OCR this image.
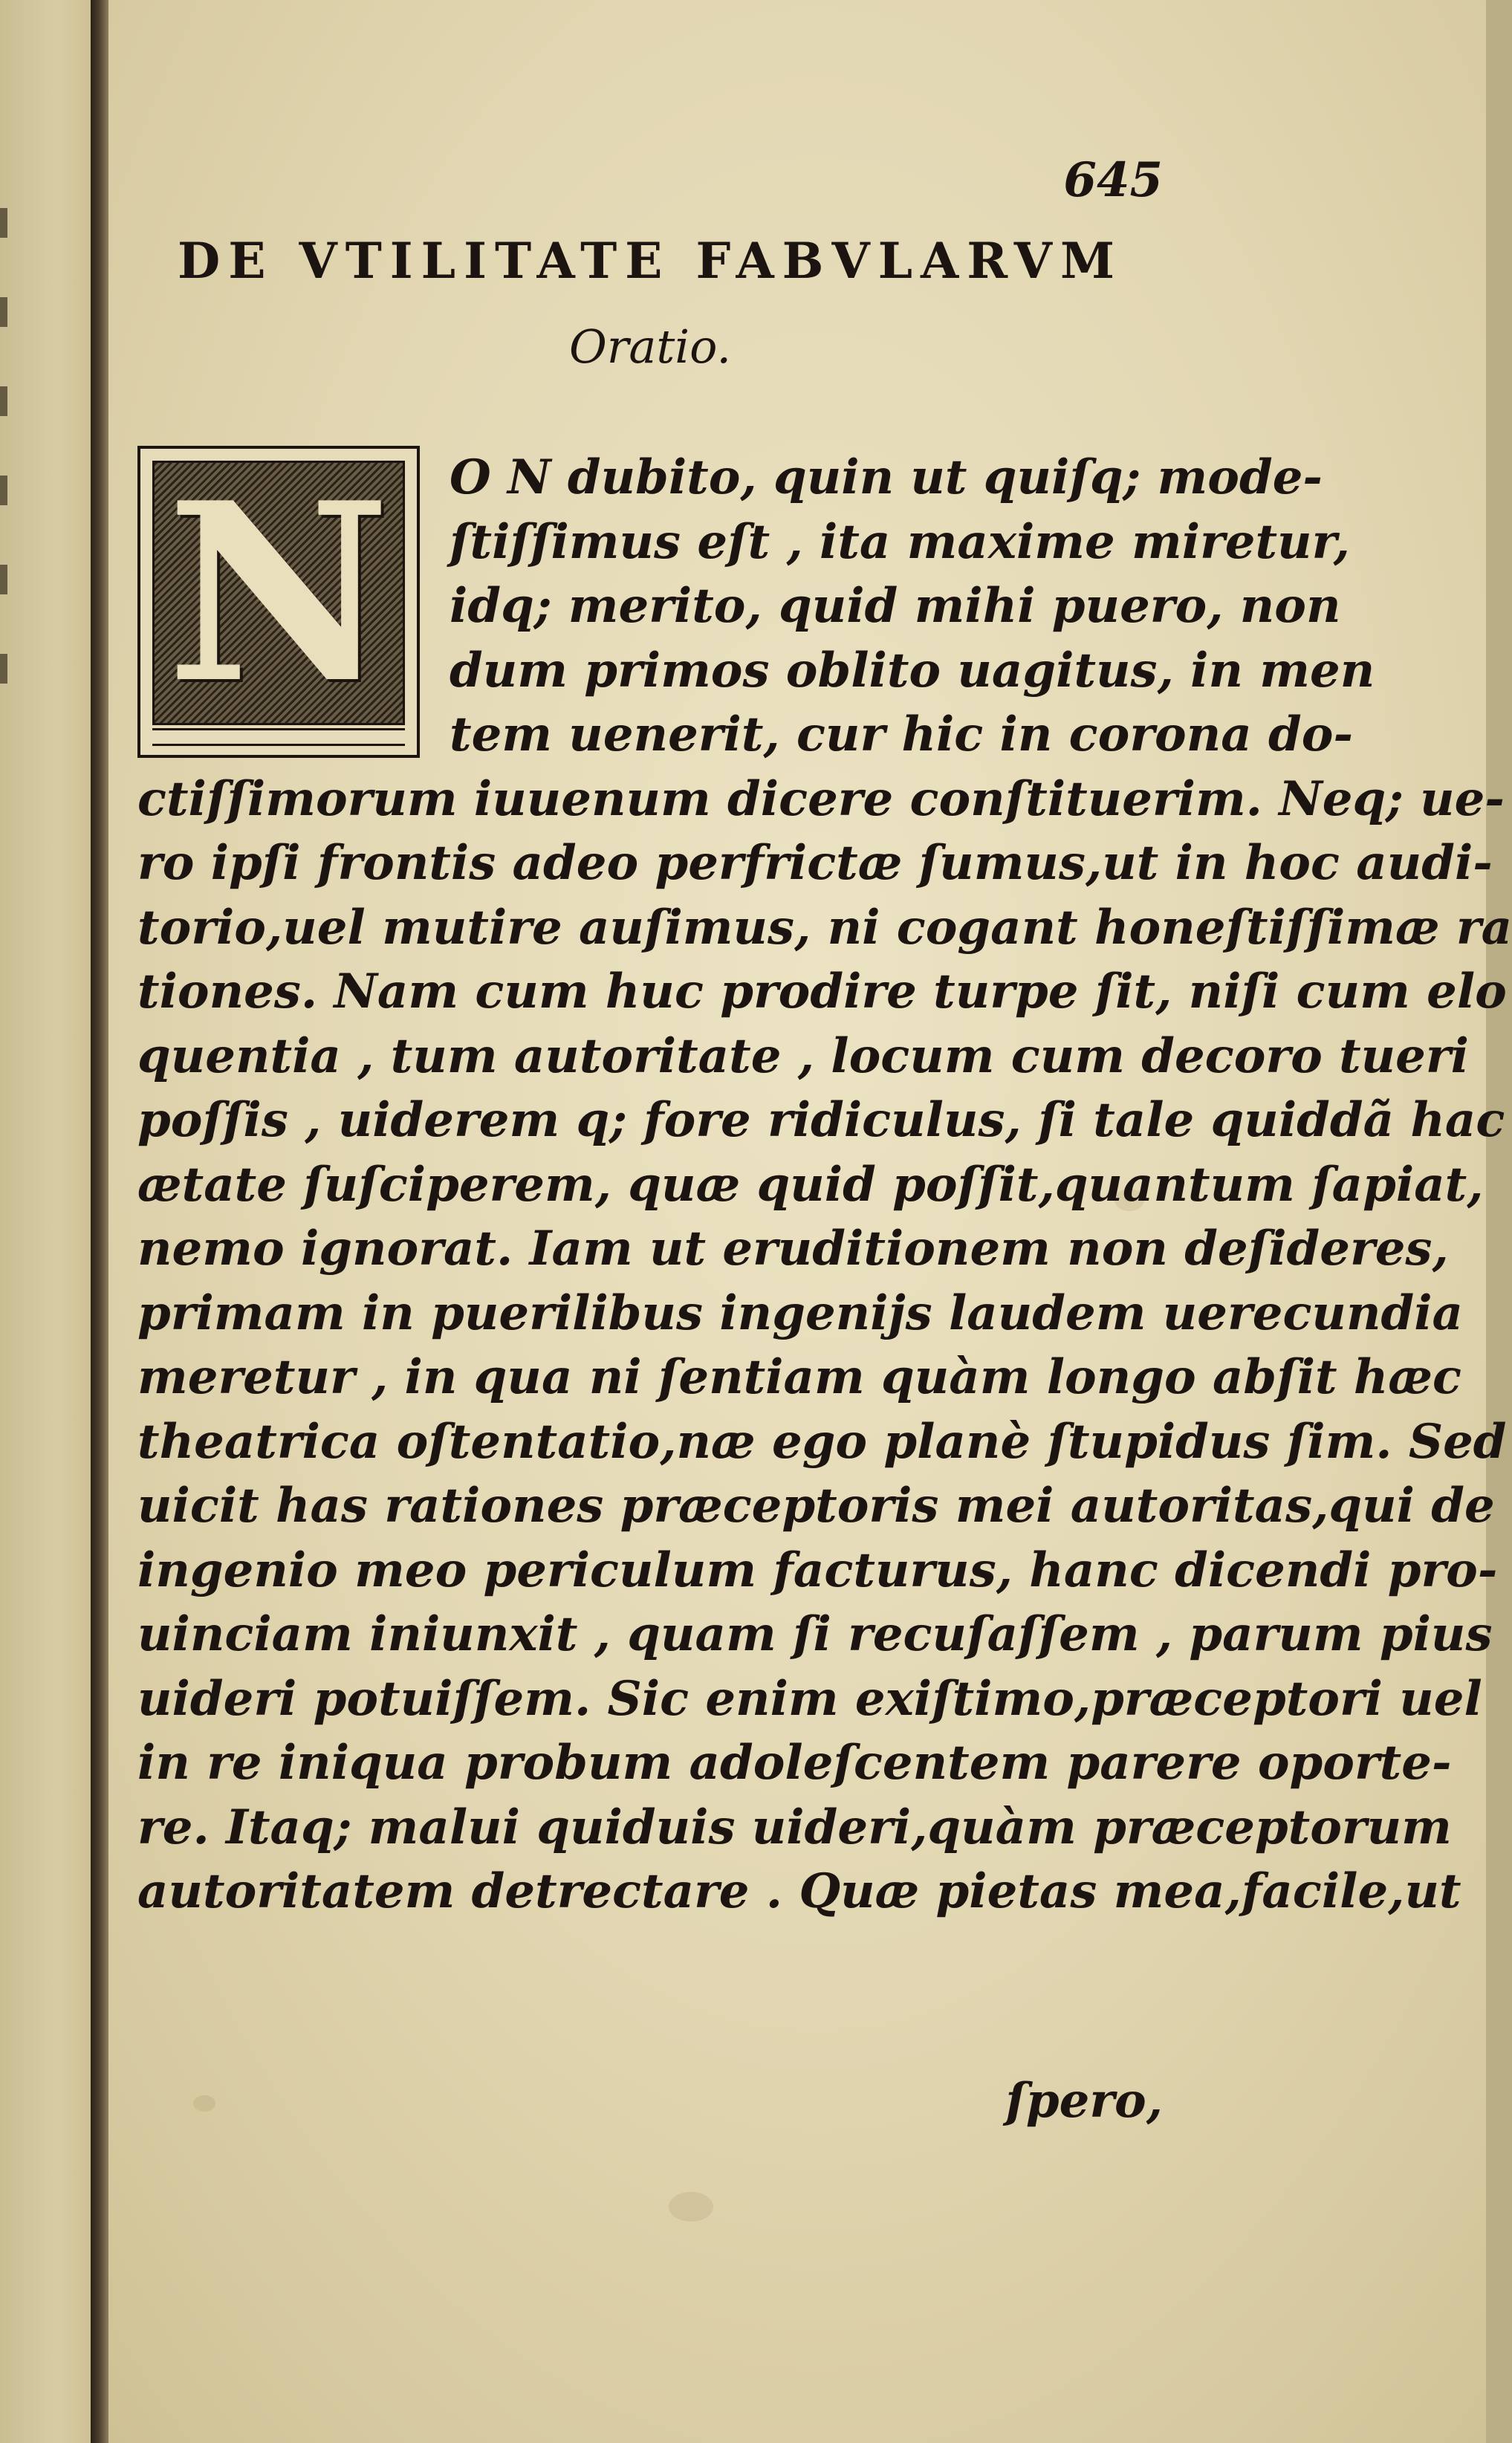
645
DE VTILITATE FABVLARVM
Oratio.
N	O N dubito, quin ut quiſq; mode-
ſtiſſimus eſt , ita maxime miretur,
idq; merito, quid mihi puero, non
dum primos oblito uagitus, in men
tem uenerit, cur hic in corona do-
ctiſſimorum iuuenum dicere conſtituerim. Neq; ue-
ro ipſi frontis adeo perfrictæ ſumus,ut in hoc audi-
torio,uel mutire auſimus, ni cogant honeſtiſſimæ ra
tiones. Nam cum huc prodire turpe ſit, niſi cum elo
quentia , tum autoritate , locum cum decoro tueri
poſſis , uiderem q; fore ridiculus, ſi tale quiddã hac
ætate ſuſciperem, quæ quid poſſit,quantum ſapiat,
nemo ignorat. Iam ut eruditionem non deſideres,
primam in puerilibus ingenijs laudem uerecundia
meretur , in qua ni ſentiam quàm longo abſit hæc
theatrica oſtentatio,næ ego planè ſtupidus ſim. Sed
uicit has rationes præceptoris mei autoritas,qui de
ingenio meo periculum facturus, hanc dicendi pro-
uinciam iniunxit , quam ſi recuſaſſem , parum pius
uideri potuiſſem. Sic enim exiſtimo,præceptori uel
in re iniqua probum adoleſcentem parere oporte-
re. Itaq; malui quiduis uideri,quàm præceptorum
autoritatem detrectare . Quæ pietas mea,facile,ut
ſpero,
